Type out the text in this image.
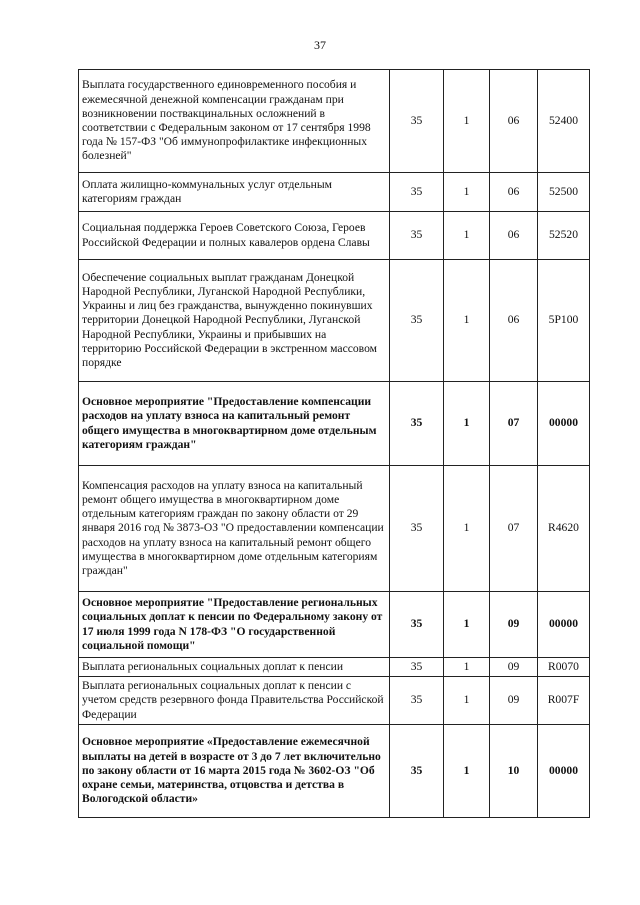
37
Выплата государственного единовременного пособия и ежемесячной денежной компенсации гражданам при возникновении поствакцинальных осложнений в соответствии с Федеральным законом от 17 сентября 1998 года № 157-ФЗ "Об иммунопрофилактике инфекционных болезней"	35	1	06	52400
Оплата жилищно-коммунальных услуг отдельным категориям граждан	35	1	06	52500
Социальная поддержка Героев Советского Союза, Героев Российской Федерации и полных кавалеров ордена Славы	35	1	06	52520
Обеспечение социальных выплат гражданам Донецкой Народной Республики, Луганской Народной Республики, Украины и лиц без гражданства, вынужденно покинувших территории Донецкой Народной Республики, Луганской Народной Республики, Украины и прибывших на территорию Российской Федерации в экстренном массовом порядке	35	1	06	5Р100
Основное мероприятие "Предоставление компенсации расходов на уплату взноса на капитальный ремонт общего имущества в многоквартирном доме отдельным категориям граждан"	35	1	07	00000
Компенсация расходов на уплату взноса на капитальный ремонт общего имущества в многоквартирном доме отдельным категориям граждан по закону области от 29 января 2016 год № 3873-ОЗ "О предоставлении компенсации расходов на уплату взноса на капитальный ремонт общего имущества в многоквартирном доме отдельным категориям граждан"	35	1	07	R4620
Основное мероприятие "Предоставление региональных социальных доплат к пенсии по Федеральному закону от 17 июля 1999 года N 178-ФЗ "О государственной социальной помощи"	35	1	09	00000
Выплата региональных социальных доплат к пенсии	35	1	09	R0070
Выплата региональных социальных доплат к пенсии с учетом средств резервного фонда Правительства Российской Федерации	35	1	09	R007F
Основное мероприятие «Предоставление ежемесячной выплаты на детей в возрасте от 3 до 7 лет включительно по закону области от 16 марта 2015 года № 3602-ОЗ "Об охране семьи, материнства, отцовства и детства в Вологодской области»	35	1	10	00000
